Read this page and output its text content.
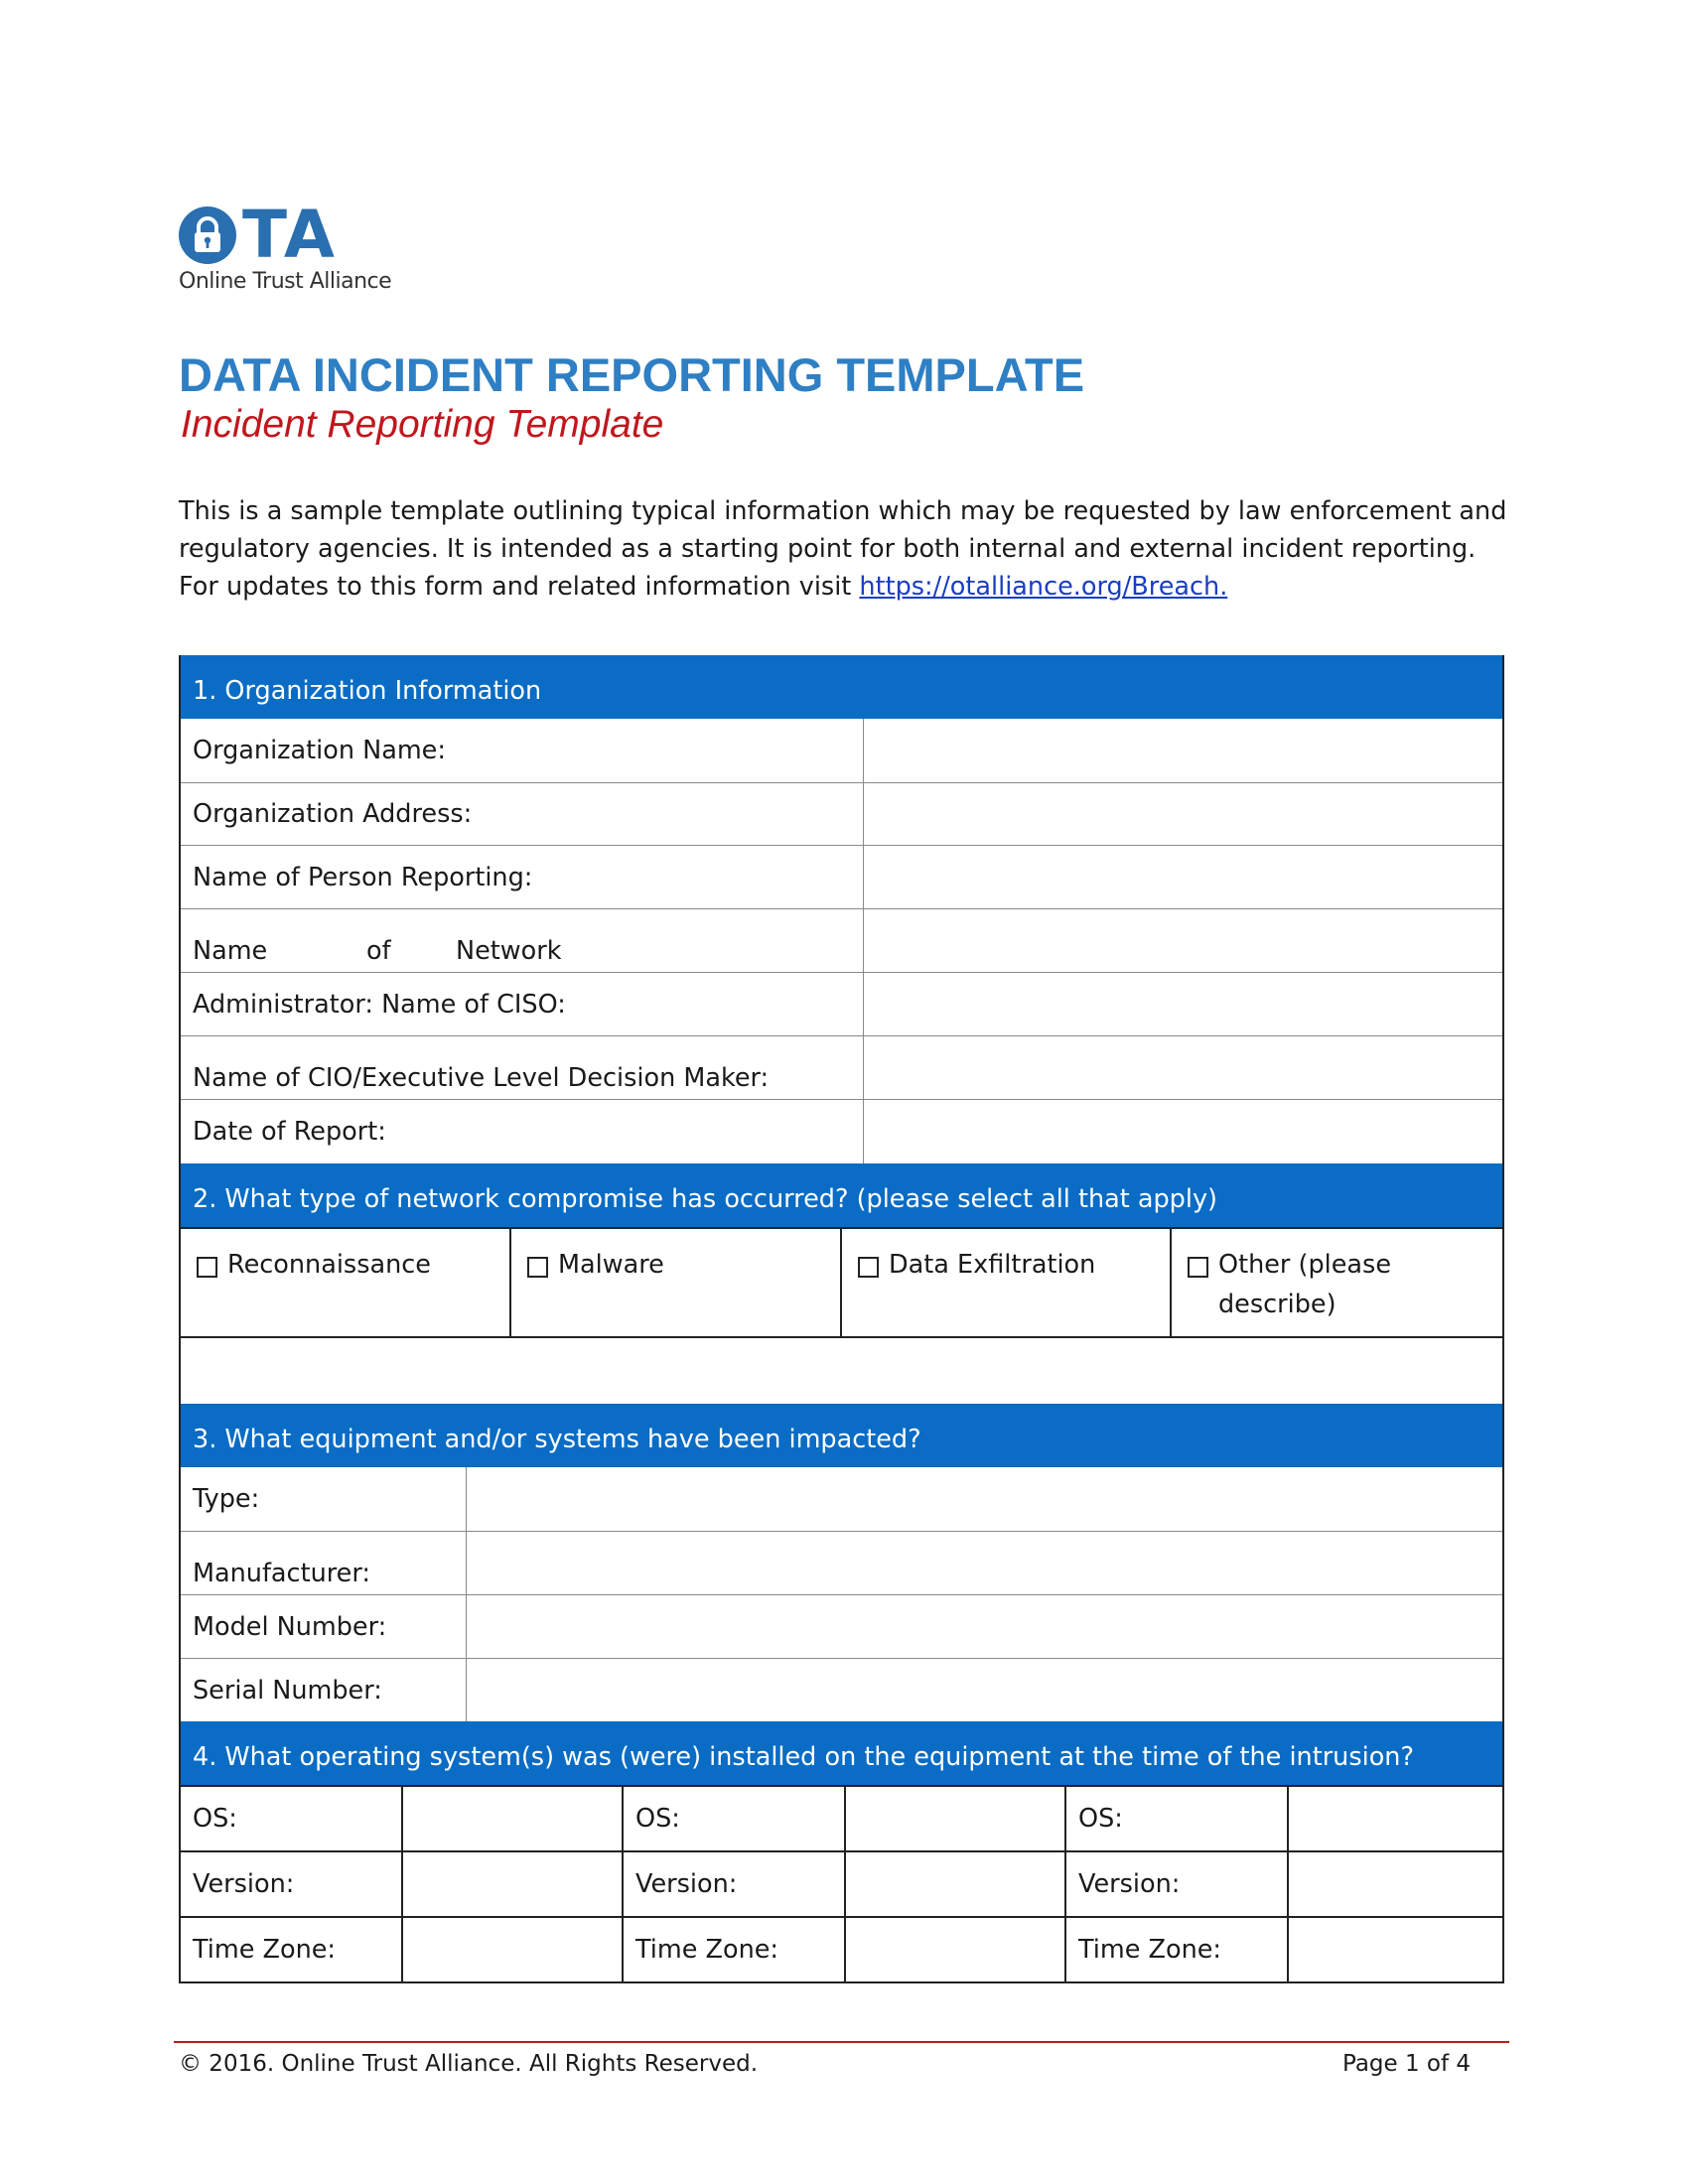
TA
Online Trust Alliance
DATA INCIDENT REPORTING TEMPLATE
Incident Reporting Template
This is a sample template outlining typical information which may be requested by law enforcement and regulatory agencies. It is intended as a starting point for both internal and external incident reporting. For updates to this form and related information visit https://otalliance.org/Breach.
1. Organization Information
Organization Name:
Organization Address:
Name of Person Reporting:
Name	of	Network
Administrator: Name of CISO:
Name of CIO/Executive Level Decision Maker:
Date of Report:
2. What type of network compromise has occurred? (please select all that apply)
Reconnaissance	Malware	Data Exfiltration	Other (please describe)
3. What equipment and/or systems have been impacted?
Type:
Manufacturer:
Model Number:
Serial Number:
4. What operating system(s) was (were) installed on the equipment at the time of the intrusion?
OS:	OS:	OS:
Version:	Version:	Version:
Time Zone:	Time Zone:	Time Zone:
© 2016. Online Trust Alliance. All Rights Reserved.	Page 1 of 4
